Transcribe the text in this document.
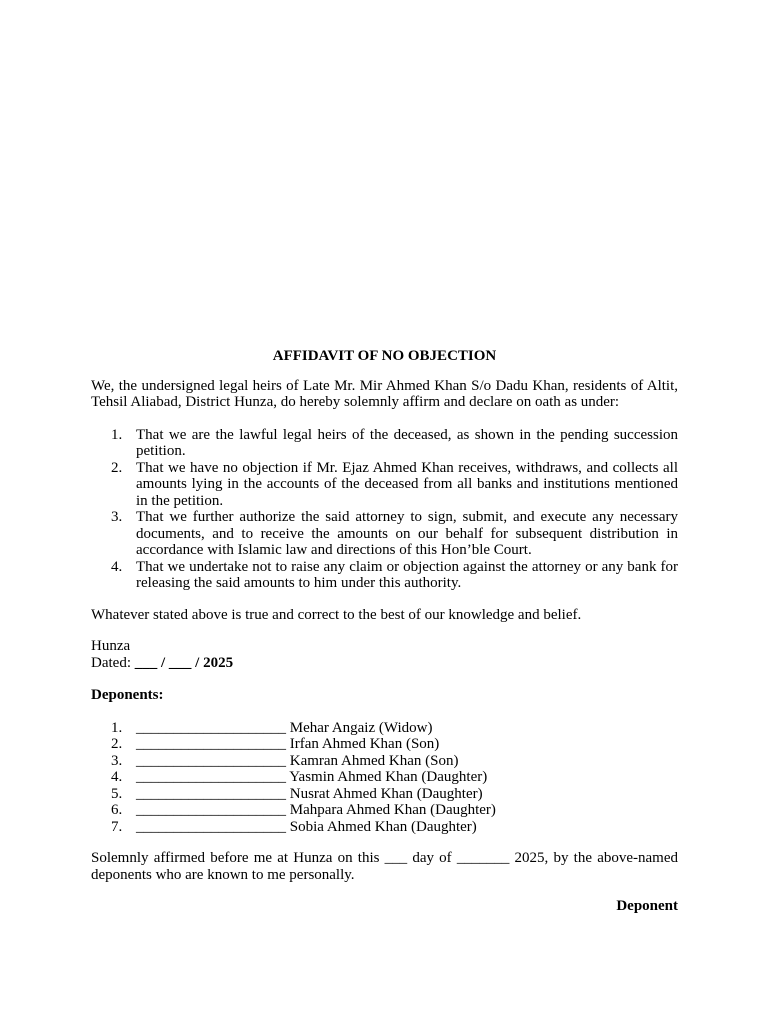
AFFIDAVIT OF NO OBJECTION

We, the undersigned legal heirs of Late Mr. Mir Ahmed Khan S/o Dadu Khan, residents of Altit, Tehsil Aliabad, District Hunza, do hereby solemnly affirm and declare on oath as under:

1. That we are the lawful legal heirs of the deceased, as shown in the pending succession petition.
2. That we have no objection if Mr. Ejaz Ahmed Khan receives, withdraws, and collects all amounts lying in the accounts of the deceased from all banks and institutions mentioned in the petition.
3. That we further authorize the said attorney to sign, submit, and execute any necessary documents, and to receive the amounts on our behalf for subsequent distribution in accordance with Islamic law and directions of this Hon’ble Court.
4. That we undertake not to raise any claim or objection against the attorney or any bank for releasing the said amounts to him under this authority.

Whatever stated above is true and correct to the best of our knowledge and belief.

Hunza

Dated: ___ / ___ / 2025

Deponents:

1. ____________________ Mehar Angaiz (Widow)
2. ____________________ Irfan Ahmed Khan (Son)
3. ____________________ Kamran Ahmed Khan (Son)
4. ____________________ Yasmin Ahmed Khan (Daughter)
5. ____________________ Nusrat Ahmed Khan (Daughter)
6. ____________________ Mahpara Ahmed Khan (Daughter)
7. ____________________ Sobia Ahmed Khan (Daughter)

Solemnly affirmed before me at Hunza on this ___ day of _______ 2025, by the above-named deponents who are known to me personally.

Deponent
